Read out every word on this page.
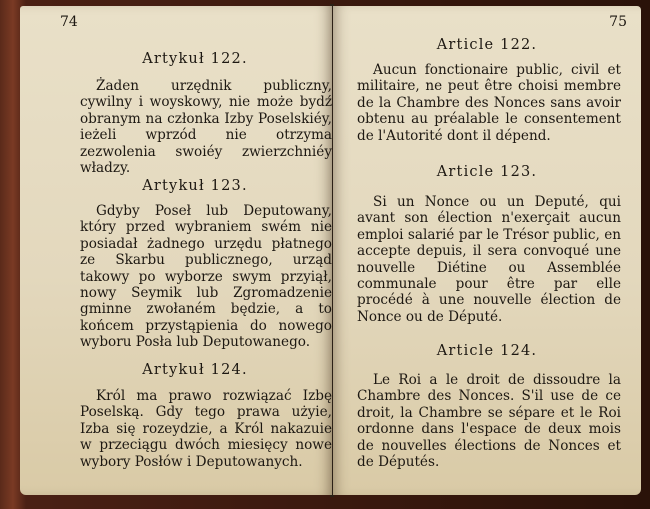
74
Artykuł 122.

Żaden urzędnik publiczny, cywilny i woyskowy, nie może bydź obranym na członka Izby Poselskiéy, ieżeli wprzód nie otrzyma zezwolenia swoiéy zwierzchniéy władzy.

Artykuł 123.

Gdyby Poseł lub Deputowany, który przed wybraniem swém nie posiadał żadnego urzędu płatnego ze Skarbu publicznego, urząd takowy po wyborze swym przyiął, nowy Seymik lub Zgromadzenie gminne zwołaném będzie, a to końcem przystąpienia do nowego wyboru Posła lub Deputowanego.

Artykuł 124.

Król ma prawo rozwiązać Izbę Poselską. Gdy tego prawa użyie, Izba się rozeydzie, a Król nakazuie w przeciągu dwóch miesięcy nowe wybory Posłów i Deputowanych.

75
Article 122.

Aucun fonctionaire public, civil et militaire, ne peut être choisi membre de la Chambre des Nonces sans avoir obtenu au préalable le consentement de l'Autorité dont il dépend.

Article 123.

Si un Nonce ou un Deputé, qui avant son élection n'exerçait aucun emploi salarié par le Trésor public, en accepte depuis, il sera convoqué une nouvelle Diétine ou Assemblée communale pour être par elle procédé à une nouvelle élection de Nonce ou de Député.

Article 124.

Le Roi a le droit de dissoudre la Chambre des Nonces. S'il use de ce droit, la Chambre se sépare et le Roi ordonne dans l'espace de deux mois de nouvelles élections de Nonces et de Députés.
